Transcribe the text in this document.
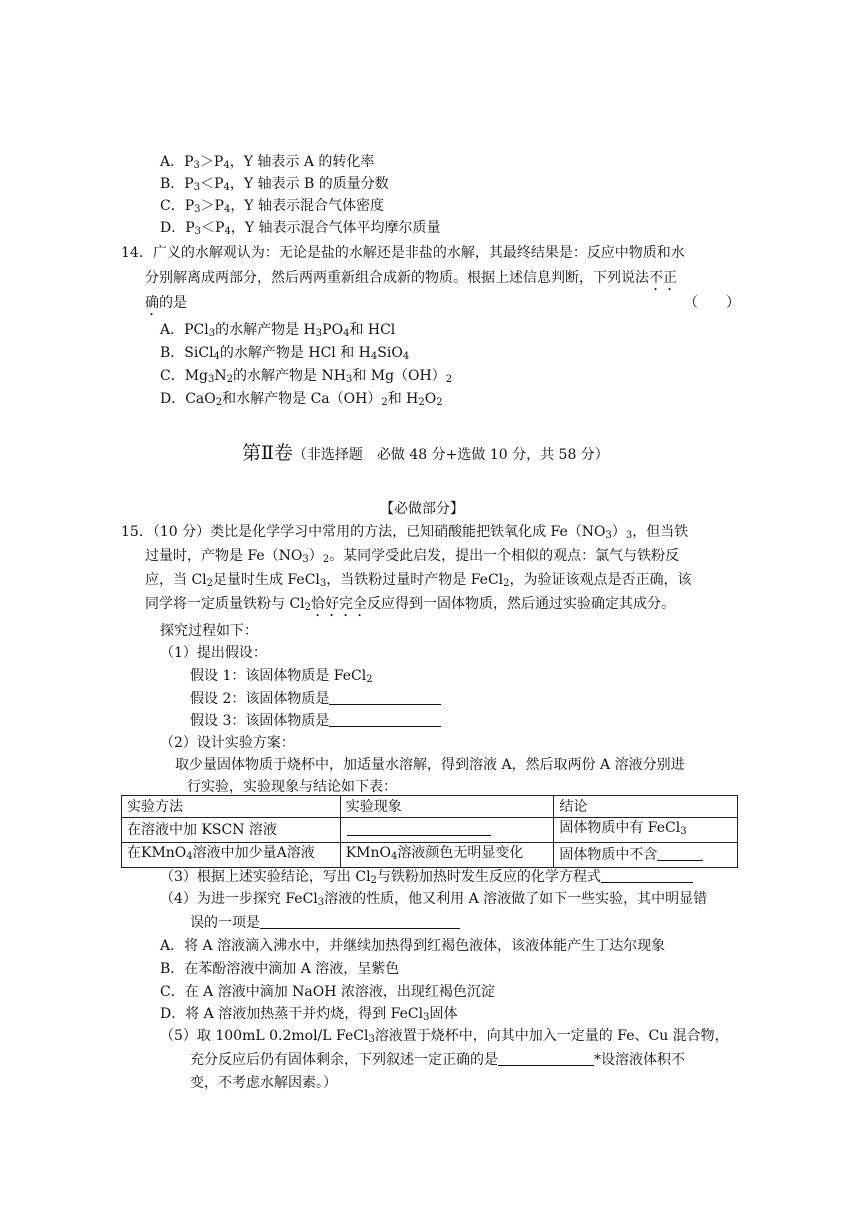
A．$P_3>P_4$，Y 轴表示 A 的转化率
B．$P_3<P_4$，Y 轴表示 B 的质量分数
C．$P_3>P_4$，Y 轴表示混合气体密度
D．$P_3<P_4$，Y 轴表示混合气体平均摩尔质量
14．广义的水解观认为：无论是盐的水解还是非盐的水解，其最终结果是：反应中物质和水
分别解离成两部分，然后两两重新组合成新的物质。根据上述信息判断，下列说法不正
确的是	（　　）
A．PCl$_3$的水解产物是 $H_3PO_4$和 HCl
B．SiCl$_4$的水解产物是 HCl 和 $H_4SiO_4$
C．$Mg_3N_2$的水解产物是 $NH_3$和 $Mg(OH)_2$
D．CaO$_2$和水解产物是 $Ca(OH)_2$和 $H_2O_2$
第Ⅱ卷（非选择题　必做 48 分+选做 10 分，共 58 分）
【必做部分】
15．（10 分）类比是化学学习中常用的方法，已知硝酸能把铁氧化成 $Fe(NO_3)_3$，但当铁
过量时，产物是 $Fe(NO_3)_2$。某同学受此启发，提出一个相似的观点：氯气与铁粉反
应，当 $Cl_2$足量时生成 FeCl$_3$，当铁粉过量时产物是 FeCl$_2$，为验证该观点是否正确，该
同学将一定质量铁粉与 $Cl_2$恰好完全反应得到一固体物质，然后通过实验确定其成分。
探究过程如下：
（1）提出假设：
假设 1：该固体物质是 FeCl$_2$
假设 2：该固体物质是
假设 3：该固体物质是
（2）设计实验方案：
取少量固体物质于烧杯中，加适量水溶解，得到溶液 A，然后取两份 A 溶液分别进
行实验，实验现象与结论如下表：
实验方法	实验现象	结论
在溶液中加 KSCN 溶液		固体物质中有 FeCl$_3$
在KMnO$_4$溶液中加少量A溶液	KMnO$_4$溶液颜色无明显变化	固体物质中不含
（3）根据上述实验结论，写出 $Cl_2$与铁粉加热时发生反应的化学方程式
（4）为进一步探究 FeCl$_3$溶液的性质，他又利用 A 溶液做了如下一些实验，其中明显错
误的一项是
A．将 A 溶液滴入沸水中，并继续加热得到红褐色液体，该液体能产生丁达尔现象
B．在苯酚溶液中滴加 A 溶液，呈紫色
C．在 A 溶液中滴加 NaOH 浓溶液，出现红褐色沉淀
D．将 A 溶液加热蒸干并灼烧，得到 FeCl$_3$固体
（5）取 100mL 0.2mol/L FeCl$_3$溶液置于烧杯中，向其中加入一定量的 Fe、Cu 混合物，
充分反应后仍有固体剩余，下列叙述一定正确的是	*设溶液体积不
变，不考虑水解因素。）
